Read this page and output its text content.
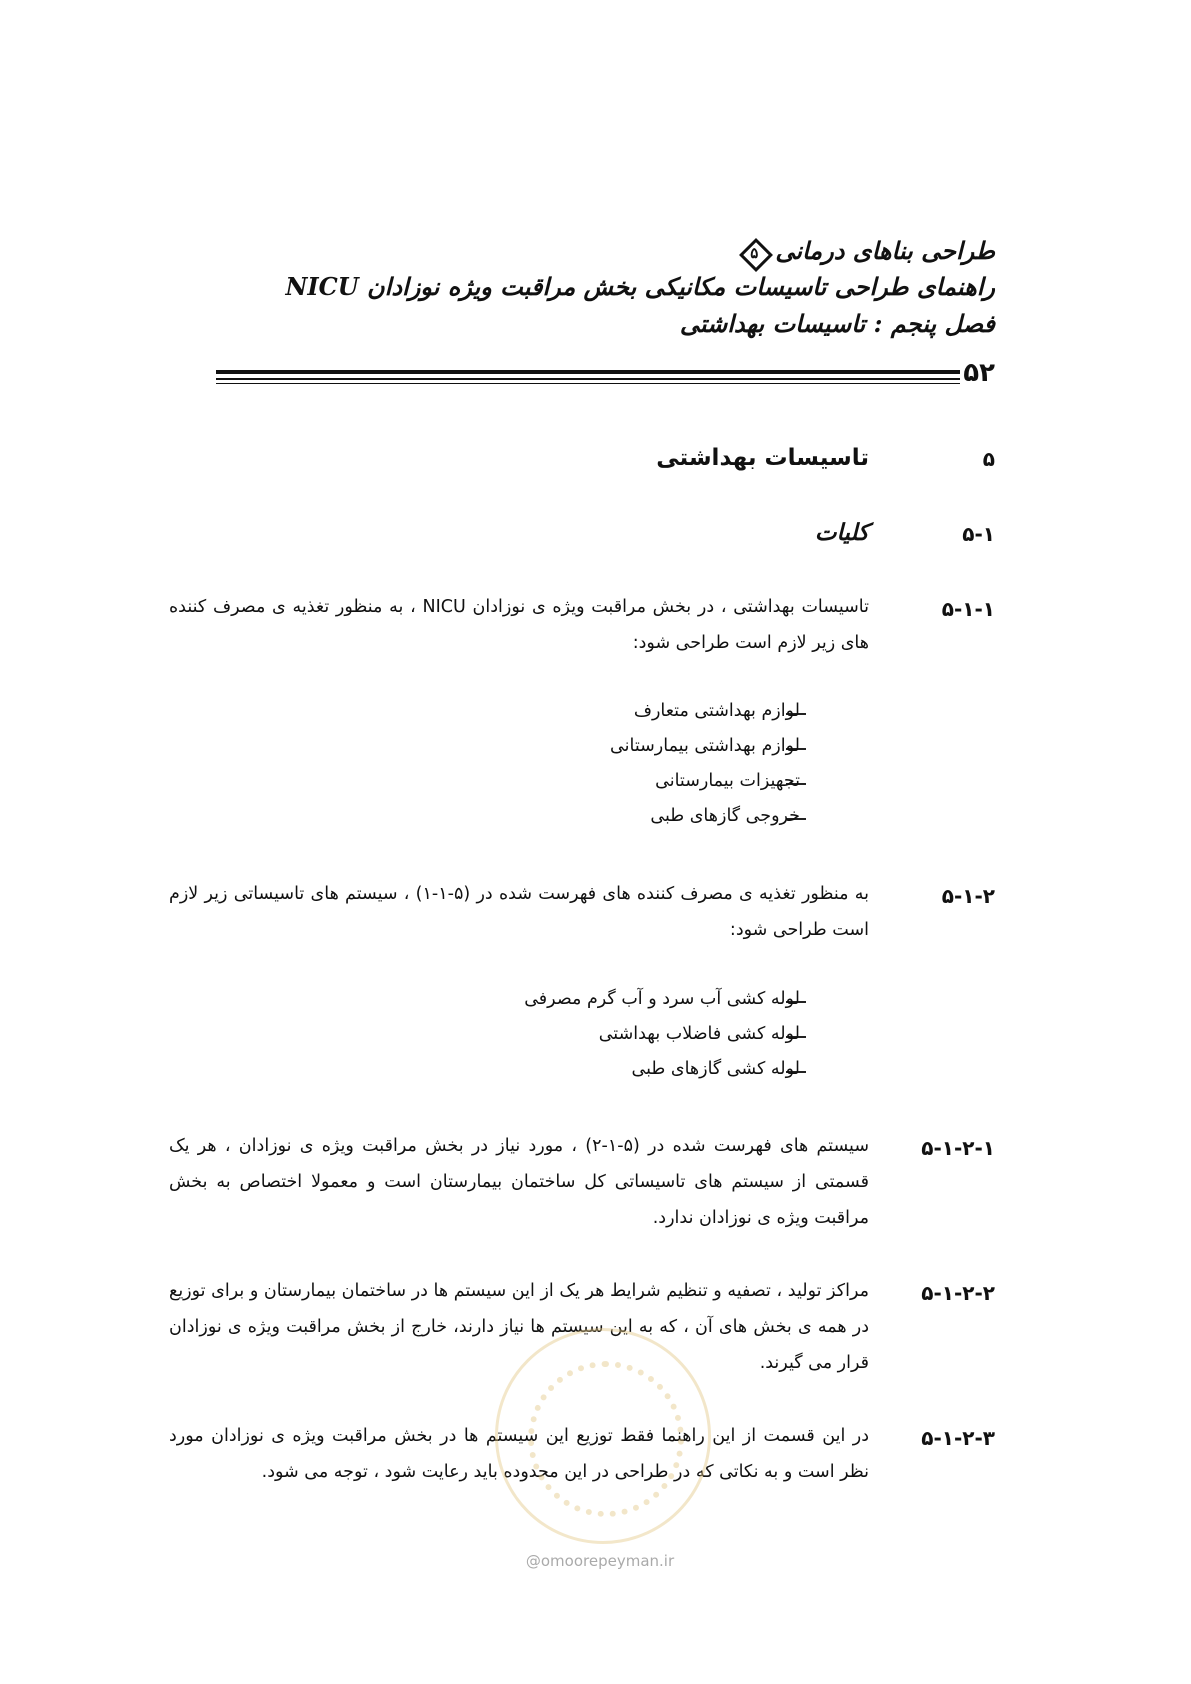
طراحی بناهای درمانی
۵
راهنمای طراحی تاسیسات مکانیکی بخش مراقبت ویژه نوزادان NICU
فصل پنجم : تاسیسات بهداشتی
۵۲
۵
تاسیسات بهداشتی
۵-۱
کلیات
۵-۱-۱
تاسیسات بهداشتی ، در بخش مراقبت ویژه ی نوزادان NICU ، به منظور تغذیه ی مصرف کننده های زیر لازم است طراحی شود:
لوازم بهداشتی متعارف
لوازم بهداشتی بیمارستانی
تجهیزات بیمارستانی
خروجی گازهای طبی
۵-۱-۲
به منظور تغذیه ی مصرف کننده های فهرست شده در (۵-۱-۱) ، سیستم های تاسیساتی زیر لازم است طراحی شود:
لوله کشی آب سرد و آب گرم مصرفی
لوله کشی فاضلاب بهداشتی
لوله کشی گازهای طبی
۵-۱-۲-۱
سیستم های فهرست شده در (۵-۱-۲) ، مورد نیاز در بخش مراقبت ویژه ی نوزادان ، هر یک قسمتی از سیستم های تاسیساتی کل ساختمان بیمارستان است و معمولا اختصاص به بخش مراقبت ویژه ی نوزادان ندارد.
۵-۱-۲-۲
مراکز تولید ، تصفیه و تنظیم شرایط هر یک از این سیستم ها در ساختمان بیمارستان و برای توزیع در همه ی بخش های آن ، که به این سیستم ها نیاز دارند، خارج از بخش مراقبت ویژه ی نوزادان قرار می گیرند.
۵-۱-۲-۳
در این قسمت از این راهنما فقط توزیع این سیستم ها در بخش مراقبت ویژه ی نوزادان مورد نظر است و به نکاتی که در طراحی در این محدوده باید رعایت شود ، توجه می شود.
@omoorepeyman.ir
